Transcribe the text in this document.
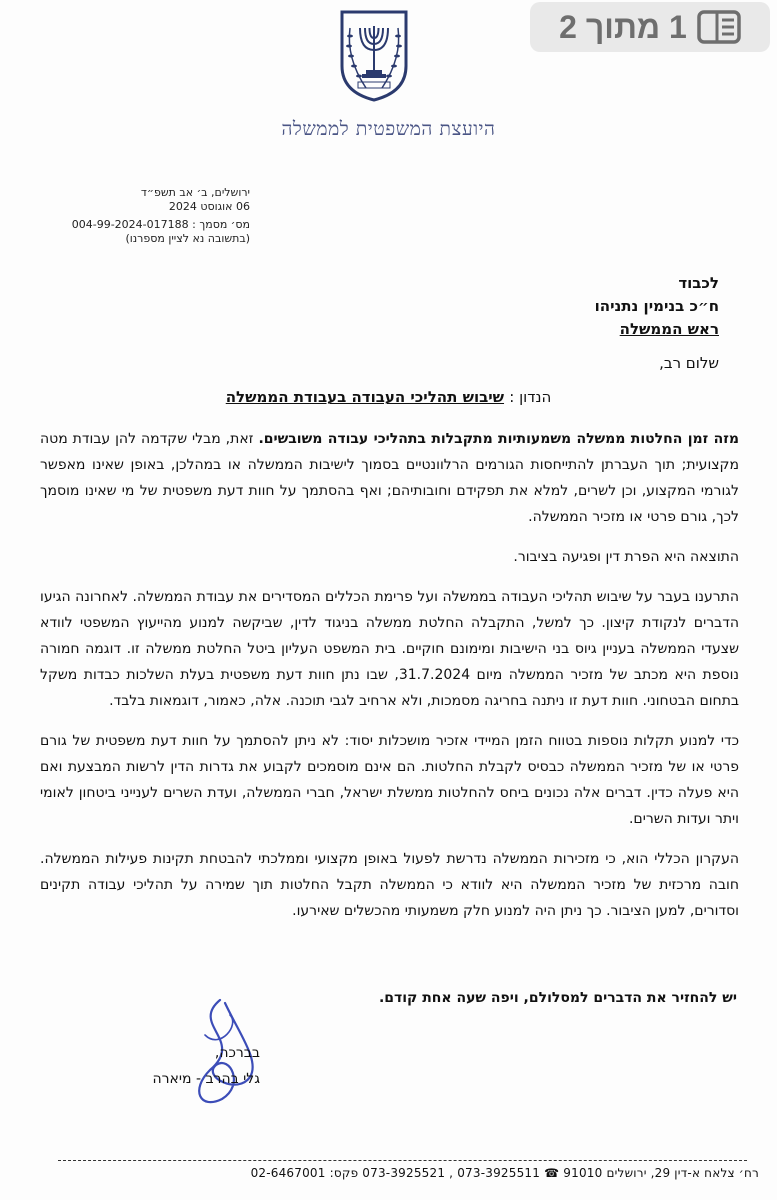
1 מתוך 2
היועצת המשפטית לממשלה
ירושלים, ב׳ אב תשפ״ד
06 אוגוסט 2024
מס׳ מסמך : 004-99-2024-017188
(בתשובה נא לציין מספרנו)
לכבוד
ח״כ בנימין נתניהו
ראש הממשלה
שלום רב,
הנדון : שיבוש תהליכי העבודה בעבודת הממשלה

מזה זמן החלטות ממשלה משמעותיות מתקבלות בתהליכי עבודה משובשים. זאת, מבלי שקדמה להן עבודת מטה מקצועית; תוך העברתן להתייחסות הגורמים הרלוונטיים בסמוך לישיבות הממשלה או במהלכן, באופן שאינו מאפשר לגורמי המקצוע, וכן לשרים, למלא את תפקידם וחובותיהם; ואף בהסתמך על חוות דעת משפטית של מי שאינו מוסמך לכך, גורם פרטי או מזכיר הממשלה.

התוצאה היא הפרת דין ופגיעה בציבור.

התרענו בעבר על שיבוש תהליכי העבודה בממשלה ועל פרימת הכללים המסדירים את עבודת הממשלה. לאחרונה הגיעו הדברים לנקודת קיצון. כך למשל, התקבלה החלטת ממשלה בניגוד לדין, שביקשה למנוע מהייעוץ המשפטי לוודא שצעדי הממשלה בעניין גיוס בני הישיבות ומימונם חוקיים. בית המשפט העליון ביטל החלטת ממשלה זו. דוגמה חמורה נוספת היא מכתב של מזכיר הממשלה מיום 31.7.2024, שבו נתן חוות דעת משפטית בעלת השלכות כבדות משקל בתחום הבטחוני. חוות דעת זו ניתנה בחריגה מסמכות, ולא ארחיב לגבי תוכנה. אלה, כאמור, דוגמאות בלבד.

כדי למנוע תקלות נוספות בטווח הזמן המיידי אזכיר מושכלות יסוד: לא ניתן להסתמך על חוות דעת משפטית של גורם פרטי או של מזכיר הממשלה כבסיס לקבלת החלטות. הם אינם מוסמכים לקבוע את גדרות הדין לרשות המבצעת ואם היא פעלה כדין. דברים אלה נכונים ביחס להחלטות ממשלת ישראל, חברי הממשלה, ועדת השרים לענייני ביטחון לאומי ויתר ועדות השרים.

העקרון הכללי הוא, כי מזכירות הממשלה נדרשת לפעול באופן מקצועי וממלכתי להבטחת תקינות פעילות הממשלה. חובה מרכזית של מזכיר הממשלה היא לוודא כי הממשלה תקבל החלטות תוך שמירה על תהליכי עבודה תקינים וסדורים, למען הציבור. כך ניתן היה למנוע חלק משמעותי מהכשלים שאירעו.

יש להחזיר את הדברים למסלולם, ויפה שעה אחת קודם.
בברכה,
גלי בהרב - מיארה
רח׳ צלאח א-דין 29, ירושלים 91010 ☎ 073-3925511 , 073-3925521 פקס: 02-6467001
